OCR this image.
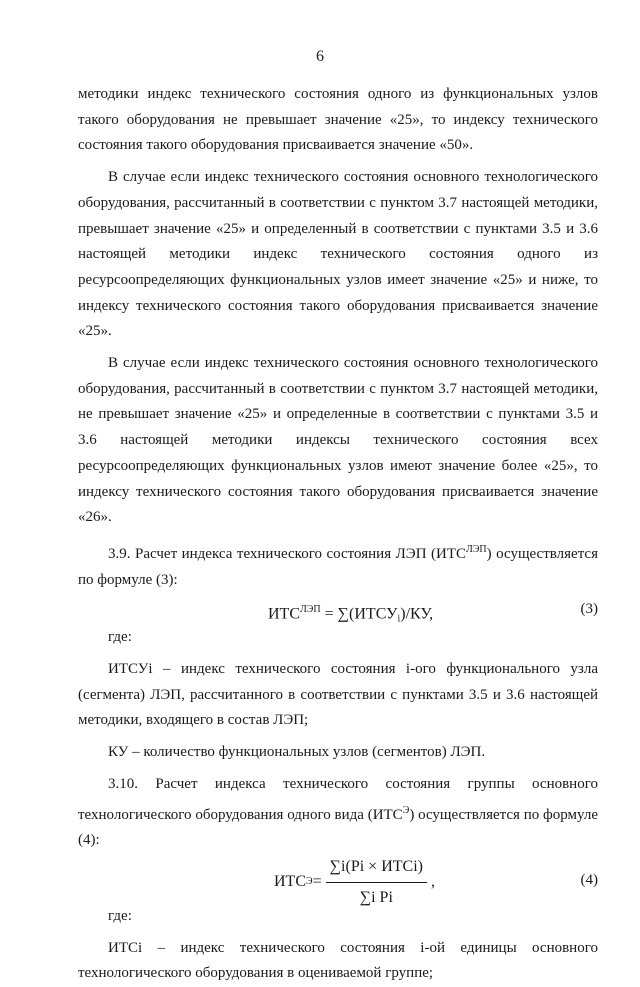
6

методики индекс технического состояния одного из функциональных узлов такого оборудования не превышает значение «25», то индексу технического состояния такого оборудования присваивается значение «50».

В случае если индекс технического состояния основного технологического оборудования, рассчитанный в соответствии с пунктом 3.7 настоящей методики, превышает значение «25» и определенный в соответствии с пунктами 3.5 и 3.6 настоящей методики индекс технического состояния одного из ресурсоопределяющих функциональных узлов имеет значение «25» и ниже, то индексу технического состояния такого оборудования присваивается значение «25».

В случае если индекс технического состояния основного технологического оборудования, рассчитанный в соответствии с пунктом 3.7 настоящей методики, не превышает значение «25» и определенные в соответствии с пунктами 3.5 и 3.6 настоящей методики индексы технического состояния всех ресурсоопределяющих функциональных узлов имеют значение более «25», то индексу технического состояния такого оборудования присваивается значение «26».

3.9. Расчет индекса технического состояния ЛЭП $(ИТС^{ЛЭП})$ осуществляется по формуле (3):

$ИТС^{ЛЭП}$ = $\sum(ИТСУ_i)/КУ$,	(3)

где:

ИТСУi – индекс технического состояния i-ого функционального узла (сегмента) ЛЭП, рассчитанного в соответствии с пунктами 3.5 и 3.6 настоящей методики, входящего в состав ЛЭП;

КУ – количество функциональных узлов (сегментов) ЛЭП.

3.10. Расчет индекса технического состояния группы основного технологического оборудования одного вида $(ИТС^Э)$ осуществляется по формуле (4):

ИТС $Э = \frac{\text{∑i(Pi × ИТСi)}}{\text{∑i Pi}}$ ,	(4)

где:

ИТСi – индекс технического состояния i-ой единицы основного технологического оборудования в оцениваемой группе;
